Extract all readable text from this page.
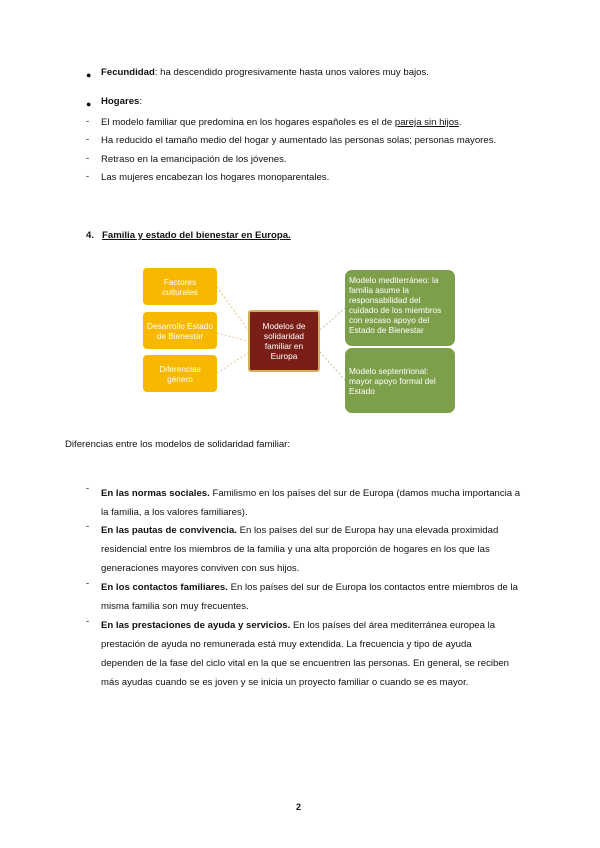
● Fecundidad: ha descendido progresivamente hasta unos valores muy bajos.
● Hogares:
- El modelo familiar que predomina en los hogares españoles es el de pareja sin hijos.
- Ha reducido el tamaño medio del hogar y aumentado las personas solas; personas mayores.
- Retraso en la emancipación de los jóvenes.
- Las mujeres encabezan los hogares monoparentales.
4. Familia y estado del bienestar en Europa.
Factores culturales
Desarrollo Estado de Bienestar
Diferencias género
Modelos de solidaridad familiar en Europa
Modelo mediterráneo: la familia asume la responsabilidad del cuidado de los miembros con escaso apoyo del Estado de Bienestar
Modelo septentrional: mayor apoyo formal del Estado
Diferencias entre los modelos de solidaridad familiar:
- En las normas sociales. Familismo en los países del sur de Europa (damos mucha importancia a

la familia, a los valores familiares).

- En las pautas de convivencia. En los países del sur de Europa hay una elevada proximidad

residencial entre los miembros de la familia y una alta proporción de hogares en los que las

generaciones mayores conviven con sus hijos.

- En los contactos familiares. En los países del sur de Europa los contactos entre miembros de la

misma familia son muy frecuentes.

- En las prestaciones de ayuda y servicios. En los países del área mediterránea europea la

prestación de ayuda no remunerada está muy extendida. La frecuencia y tipo de ayuda

dependen de la fase del ciclo vital en la que se encuentren las personas. En general, se reciben

más ayudas cuando se es joven y se inicia un proyecto familiar o cuando se es mayor.

2
